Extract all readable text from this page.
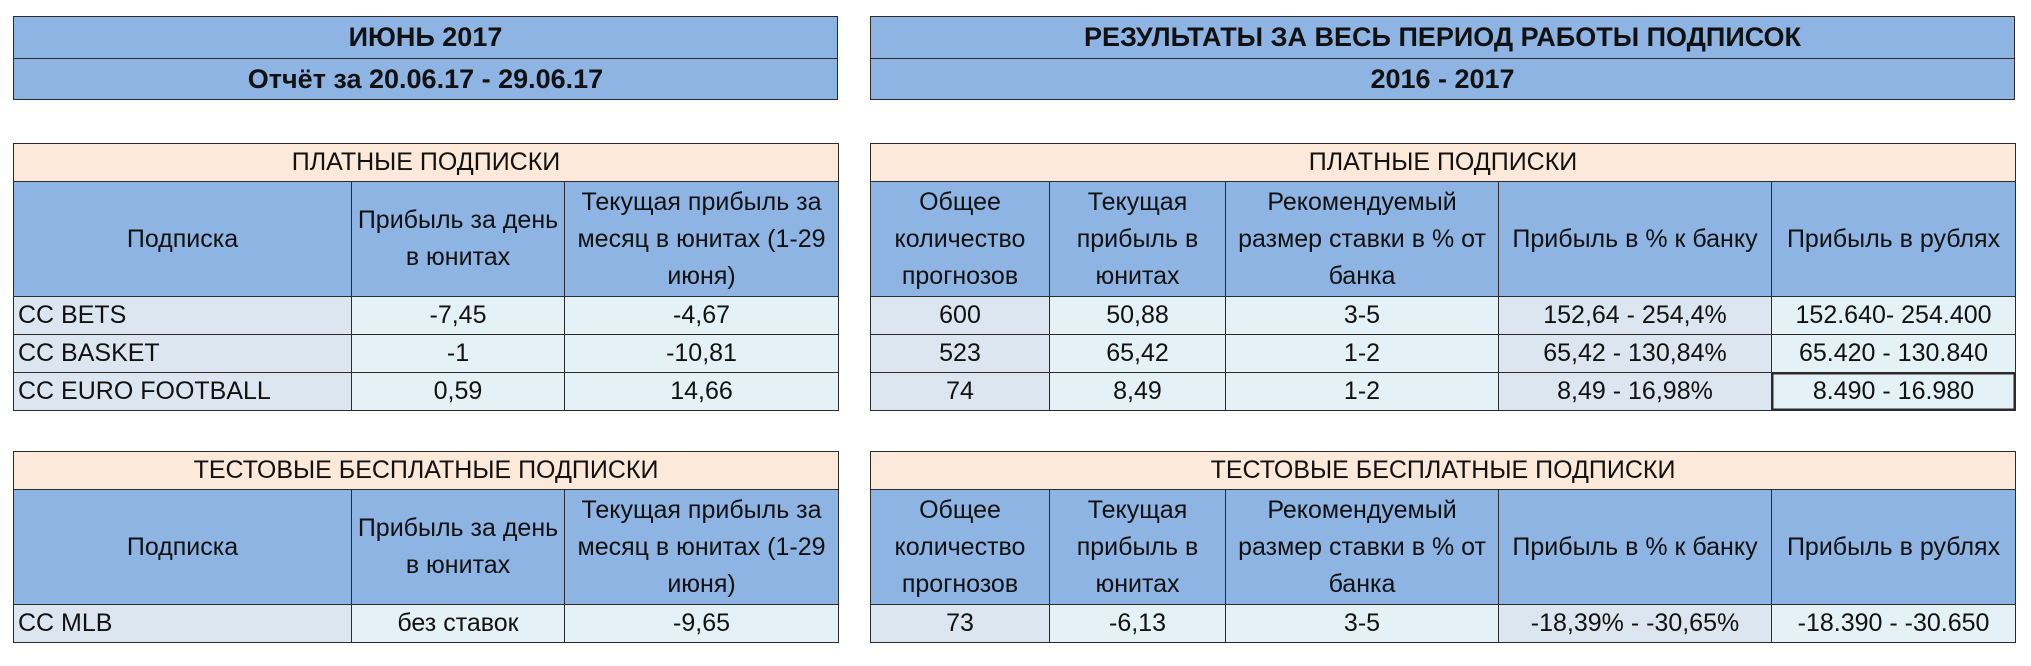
ИЮНЬ 2017
Отчёт за 20.06.17 - 29.06.17
РЕЗУЛЬТАТЫ ЗА ВЕСЬ ПЕРИОД РАБОТЫ ПОДПИСОК
2016 - 2017
ПЛАТНЫЕ ПОДПИСКИ		
Подписка	Прибыль за день в юнитах	Текущая прибыль за месяц в юнитах (1-29 июня)
CC BETS	-7,45	-4,67
CC BASKET	-1	-10,81
CC EURO FOOTBALL	0,59	14,66
ПЛАТНЫЕ ПОДПИСКИ				
Общее количество прогнозов	Текущая прибыль в юнитах	Рекомендуемый размер ставки в % от банка	Прибыль в % к банку	Прибыль в рублях
600	50,88	3-5	152,64 - 254,4%	152.640- 254.400
523	65,42	1-2	65,42 - 130,84%	65.420 - 130.840
74	8,49	1-2	8,49 - 16,98%	8.490 - 16.980
ТЕСТОВЫЕ БЕСПЛАТНЫЕ ПОДПИСКИ		
Подписка	Прибыль за день в юнитах	Текущая прибыль за месяц в юнитах (1-29 июня)
CC MLB	без ставок	-9,65
ТЕСТОВЫЕ БЕСПЛАТНЫЕ ПОДПИСКИ				
Общее количество прогнозов	Текущая прибыль в юнитах	Рекомендуемый размер ставки в % от банка	Прибыль в % к банку	Прибыль в рублях
73	-6,13	3-5	-18,39% - -30,65%	-18.390 - -30.650
